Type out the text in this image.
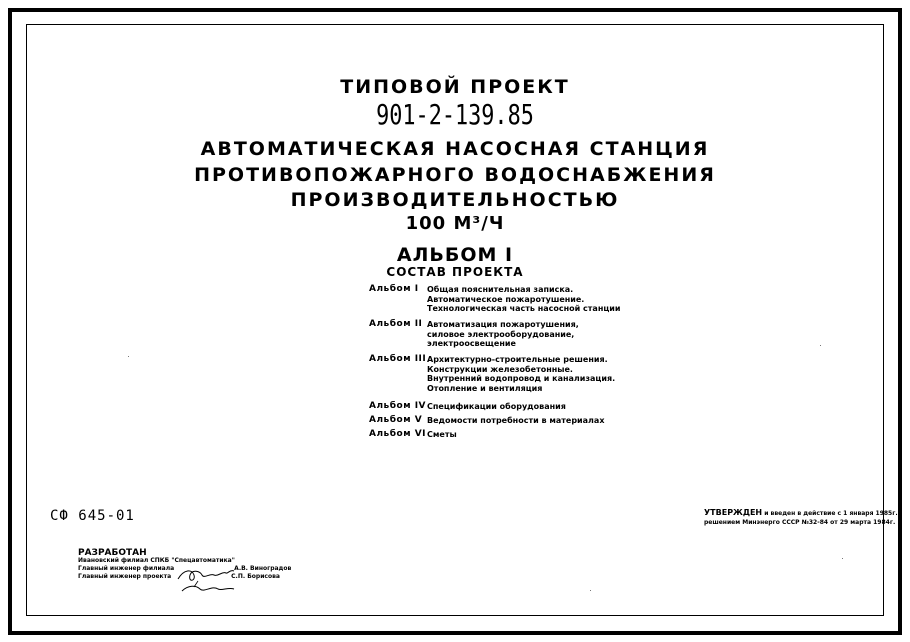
ТИПОВОЙ ПРОЕКТ
901-2-139.85
АВТОМАТИЧЕСКАЯ НАСОСНАЯ СТАНЦИЯ
ПРОТИВОПОЖАРНОГО ВОДОСНАБЖЕНИЯ
ПРОИЗВОДИТЕЛЬНОСТЬЮ
100 М³/Ч
АЛЬБОМ I
СОСТАВ ПРОЕКТА
Альбом I Общая пояснительная записка.
Автоматическое пожаротушение.
Технологическая часть насосной станции
Альбом II Автоматизация пожаротушения,
силовое электрооборудование,
электроосвещение
Альбом III Архитектурно-строительные решения.
Конструкции железобетонные.
Внутренний водопровод и канализация.
Отопление и вентиляция
Альбом IV Спецификации оборудования
Альбом V Ведомости потребности в материалах
Альбом VI Сметы
СФ 645-01	УТВЕРЖДЕН и введен в действие с 1 января 1985г.
решением Минэнерго СССР №32-84 от 29 марта 1984г.
РАЗРАБОТАН
Ивановский филиал СПКБ "Спецавтоматика"
Главный инженер филиала	А.В. Виноградов
Главный инженер проекта	С.П. Борисова
